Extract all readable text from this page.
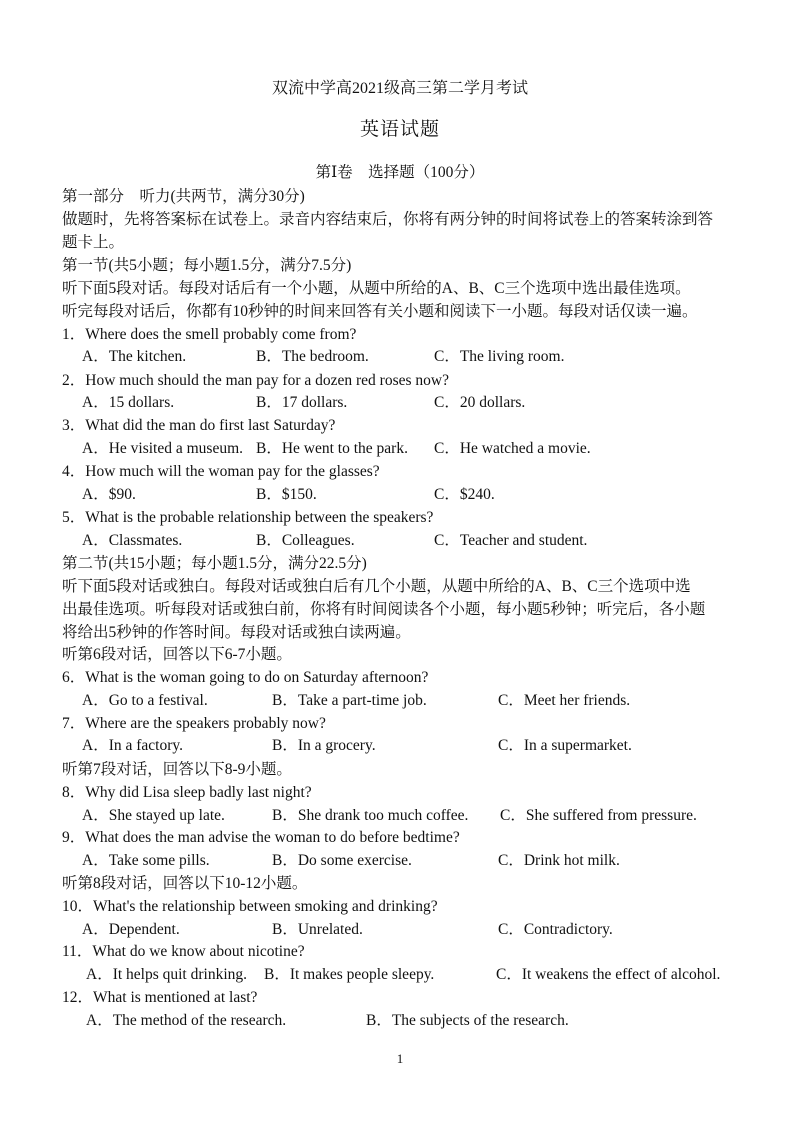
双流中学高2021级高三第二学月考试
英语试题
第Ⅰ卷　选择题（100分）
第一部分　听力(共两节，满分30分)
做题时，先将答案标在试卷上。录音内容结束后，你将有两分钟的时间将试卷上的答案转涂到答
题卡上。
第一节(共5小题；每小题1.5分，满分7.5分)
听下面5段对话。每段对话后有一个小题，从题中所给的A、B、C三个选项中选出最佳选项。
听完每段对话后，你都有10秒钟的时间来回答有关小题和阅读下一小题。每段对话仅读一遍。
1．Where does the smell probably come from?
A．The kitchen.	B．The bedroom.	C．The living room.
2．How much should the man pay for a dozen red roses now?
A．15 dollars.	B．17 dollars.	C．20 dollars.
3．What did the man do first last Saturday?
A．He visited a museum. B．He went to the park. C．He watched a movie.
4．How much will the woman pay for the glasses?
A．$90.	B．$150.	C．$240.
5．What is the probable relationship between the speakers?
A．Classmates.	B．Colleagues.	C．Teacher and student.
第二节(共15小题；每小题1.5分，满分22.5分)
听下面5段对话或独白。每段对话或独白后有几个小题，从题中所给的A、B、C三个选项中选
出最佳选项。听每段对话或独白前，你将有时间阅读各个小题，每小题5秒钟；听完后，各小题
将给出5秒钟的作答时间。每段对话或独白读两遍。
听第6段对话，回答以下6-7小题。
6．What is the woman going to do on Saturday afternoon?
A．Go to a festival.	B．Take a part-time job.	C．Meet her friends.
7．Where are the speakers probably now?
A．In a factory.	B．In a grocery.	C．In a supermarket.
听第7段对话，回答以下8-9小题。
8．Why did Lisa sleep badly last night?
A．She stayed up late.	B．She drank too much coffee. C．She suffered from pressure.
9．What does the man advise the woman to do before bedtime?
A．Take some pills.	B．Do some exercise.	C．Drink hot milk.
听第8段对话，回答以下10-12小题。
10．What's the relationship between smoking and drinking?
A．Dependent.	B．Unrelated.	C．Contradictory.
11．What do we know about nicotine?
A．It helps quit drinking. B．It makes people sleepy.	C．It weakens the effect of alcohol.
12．What is mentioned at last?
A．The method of the research.	B．The subjects of the research.
1
